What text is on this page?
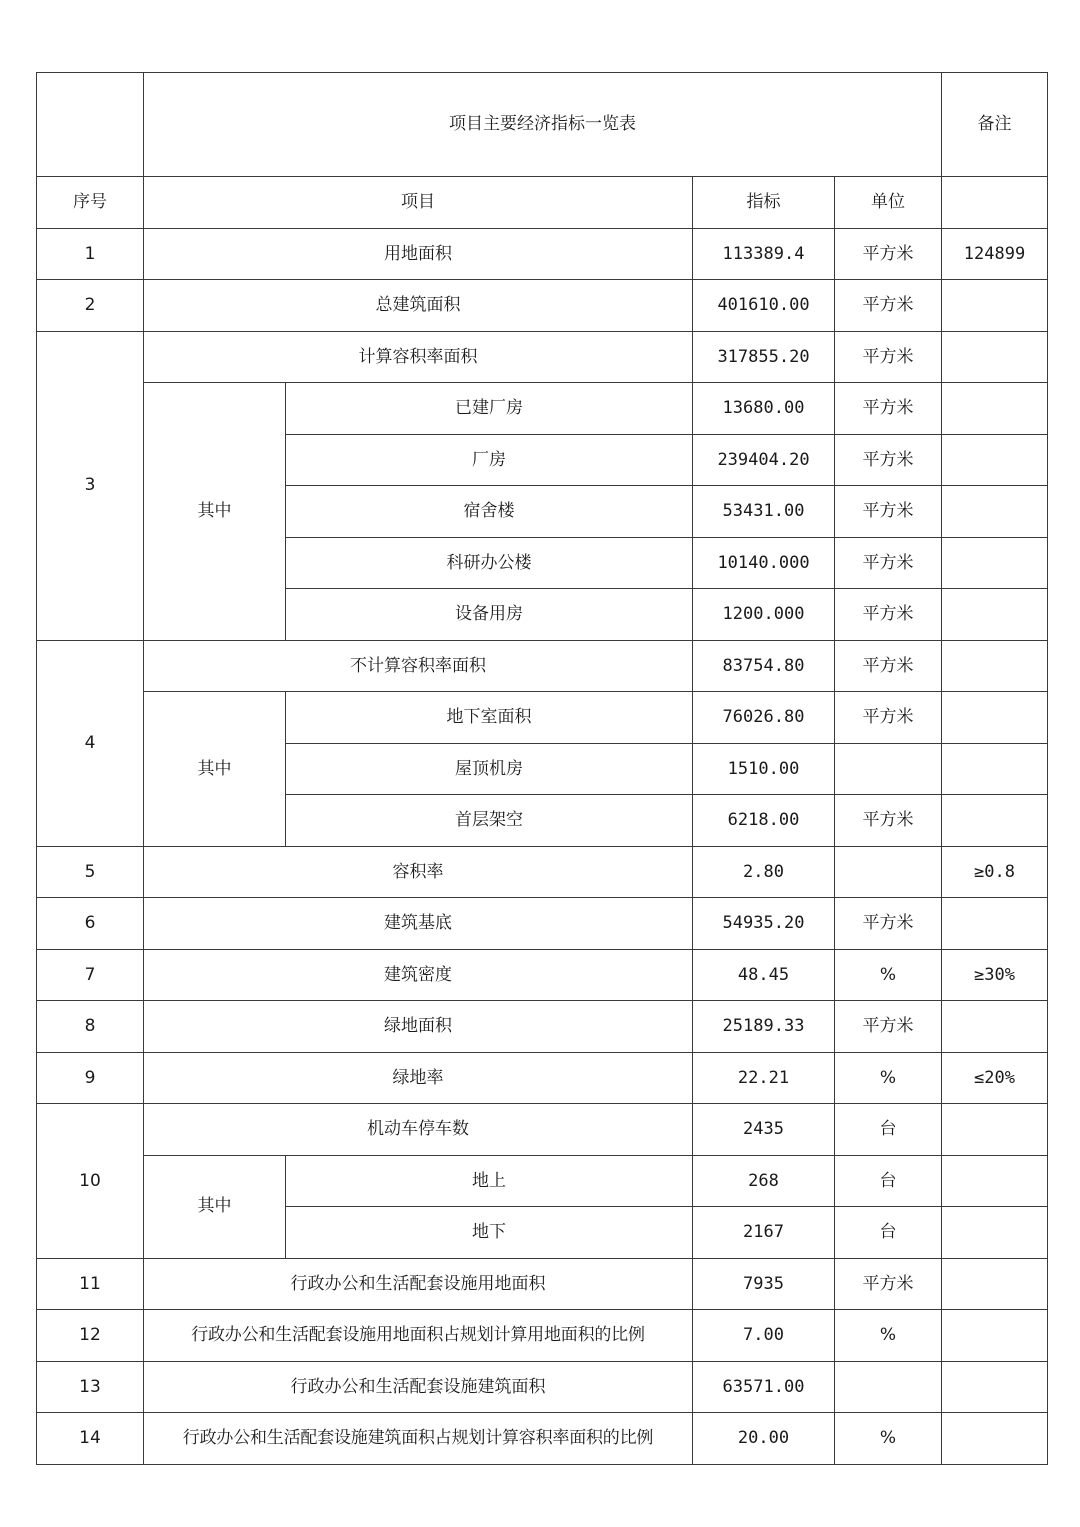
	项目主要经济指标一览表				备注
序号	项目		指标	单位	
1	用地面积		113389.4	平方米	124899
2	总建筑面积		401610.00	平方米	
3	计算容积率面积		317855.20	平方米	
	其中	已建厂房	13680.00	平方米	
		厂房	239404.20	平方米	
		宿舍楼	53431.00	平方米	
		科研办公楼	10140.000	平方米	
		设备用房	1200.000	平方米	
4	不计算容积率面积		83754.80	平方米	
	其中	地下室面积	76026.80	平方米	
		屋顶机房	1510.00		
		首层架空	6218.00	平方米	
5	容积率		2.80		≥0.8
6	建筑基底		54935.20	平方米	
7	建筑密度		48.45	%	≥30%
8	绿地面积		25189.33	平方米	
9	绿地率		22.21	%	≤20%
10	机动车停车数		2435	台	
	其中	地上	268	台	
		地下	2167	台	
11	行政办公和生活配套设施用地面积		7935	平方米	
12	行政办公和生活配套设施用地面积占规划计算用地面积的比例		7.00	%	
13	行政办公和生活配套设施建筑面积		63571.00		
14	行政办公和生活配套设施建筑面积占规划计算容积率面积的比例		20.00	%	
